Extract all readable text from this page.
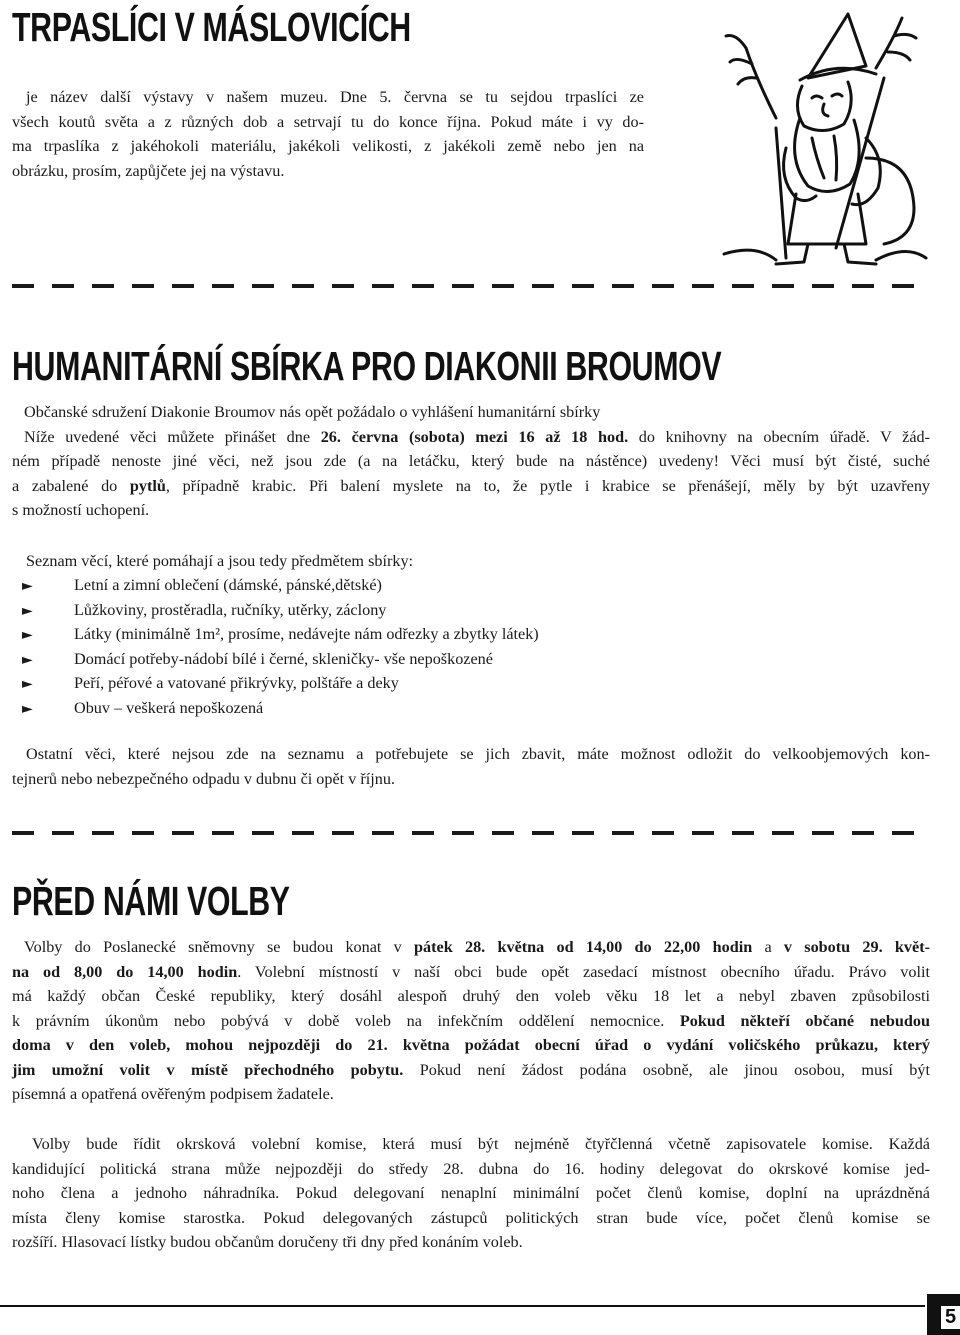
TRPASLÍCI V MÁSLOVICÍCH
je název další výstavy v našem muzeu. Dne 5. června se tu sejdou trpaslíci ze
všech koutů světa a z různých dob a setrvají tu do konce října. Pokud máte i vy do-
ma trpaslíka z jakéhokoli materiálu, jakékoli velikosti, z jakékoli země nebo jen na
obrázku, prosím, zapůjčete jej na výstavu.
HUMANITÁRNÍ SBÍRKA PRO DIAKONII BROUMOV
Občanské sdružení Diakonie Broumov nás opět požádalo o vyhlášení humanitární sbírky
Níže uvedené věci můžete přinášet dne 26. června (sobota) mezi 16 až 18 hod. do knihovny na obecním úřadě. V žád-
ném případě nenoste jiné věci, než jsou zde (a na letáčku, který bude na nástěnce) uvedeny! Věci musí být čisté, suché
a zabalené do pytlů, případně krabic. Při balení myslete na to, že pytle i krabice se přenášejí, měly by být uzavřeny
s možností uchopení.
Seznam věcí, které pomáhají a jsou tedy předmětem sbírky:
►	Letní a zimní oblečení (dámské, pánské,dětské)
►	Lůžkoviny, prostěradla, ručníky, utěrky, záclony
►	Látky (minimálně 1m², prosíme, nedávejte nám odřezky a zbytky látek)
►	Domácí potřeby-nádobí bílé i černé, skleničky- vše nepoškozené
►	Peří, péřové a vatované přikrývky, polštáře a deky
►	Obuv – veškerá nepoškozená
Ostatní věci, které nejsou zde na seznamu a potřebujete se jich zbavit, máte možnost odložit do velkoobjemových kon-
tejnerů nebo nebezpečného odpadu v dubnu či opět v říjnu.
PŘED NÁMI VOLBY
Volby do Poslanecké sněmovny se budou konat v pátek 28. května od 14,00 do 22,00 hodin a v sobotu 29. květ-
na od 8,00 do 14,00 hodin. Volební místností v naší obci bude opět zasedací místnost obecního úřadu. Právo volit
má každý občan České republiky, který dosáhl alespoň druhý den voleb věku 18 let a nebyl zbaven způsobilosti
k právním úkonům nebo pobývá v době voleb na infekčním oddělení nemocnice. Pokud někteří občané nebudou
doma v den voleb, mohou nejpozději do 21. května požádat obecní úřad o vydání voličského průkazu, který
jim umožní volit v místě přechodného pobytu. Pokud není žádost podána osobně, ale jinou osobou, musí být
písemná a opatřená ověřeným podpisem žadatele.
Volby bude řídit okrsková volební komise, která musí být nejméně čtyřčlenná včetně zapisovatele komise. Každá
kandidující politická strana může nejpozději do středy 28. dubna do 16. hodiny delegovat do okrskové komise jed-
noho člena a jednoho náhradníka. Pokud delegovaní nenaplní minimální počet členů komise, doplní na uprázdněná
místa členy komise starostka. Pokud delegovaných zástupců politických stran bude více, počet členů komise se
rozšíří. Hlasovací lístky budou občanům doručeny tři dny před konáním voleb.
5
